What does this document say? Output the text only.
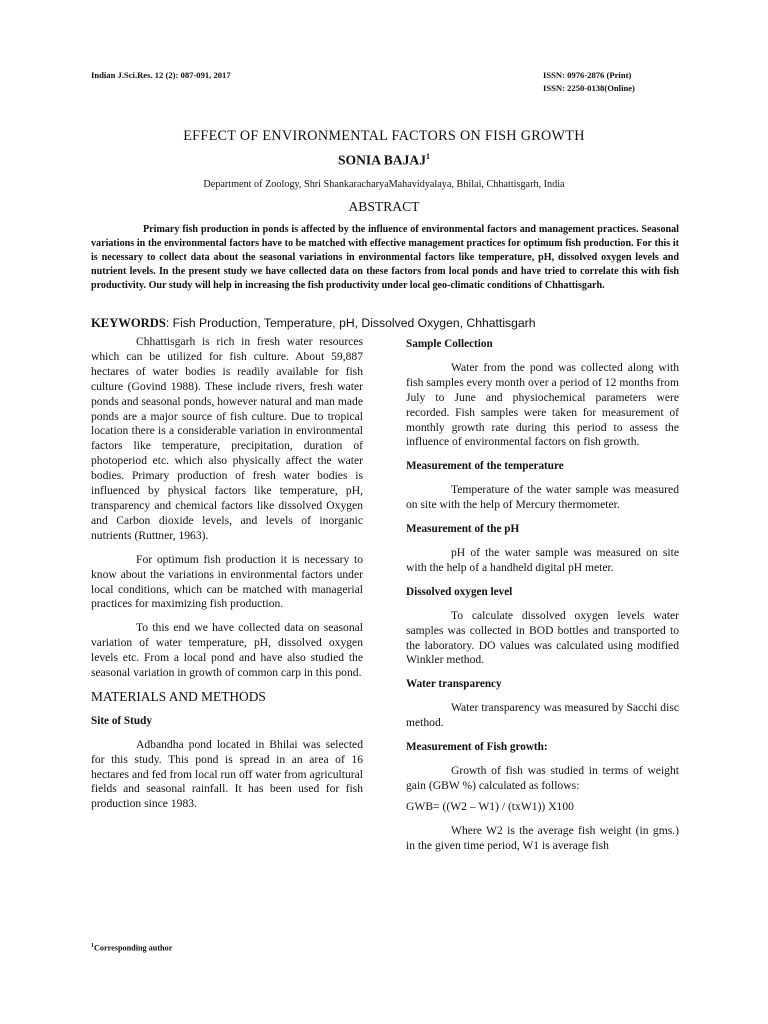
Indian J.Sci.Res. 12 (2): 087-091, 2017	ISSN: 0976-2876 (Print)
ISSN: 2250-0138(Online)
EFFECT OF ENVIRONMENTAL FACTORS ON FISH GROWTH
SONIA BAJAJ$^1$
Department of Zoology, Shri ShankaracharyaMahavidyalaya, Bhilai, Chhattisgarh, India
ABSTRACT

Primary fish production in ponds is affected by the influence of environmental factors and management practices. Seasonal variations in the environmental factors have to be matched with effective management practices for optimum fish production. For this it is necessary to collect data about the seasonal variations in environmental factors like temperature, pH, dissolved oxygen levels and nutrient levels. In the present study we have collected data on these factors from local ponds and have tried to correlate this with fish productivity. Our study will help in increasing the fish productivity under local geo-climatic conditions of Chhattisgarh.

KEYWORDS: Fish Production, Temperature, pH, Dissolved Oxygen, Chhattisgarh

Chhattisgarh is rich in fresh water resources which can be utilized for fish culture. About 59,887 hectares of water bodies is readily available for fish culture (Govind 1988). These include rivers, fresh water ponds and seasonal ponds, however natural and man made ponds are a major source of fish culture. Due to tropical location there is a considerable variation in environmental factors like temperature, precipitation, duration of photoperiod etc. which also physically affect the water bodies. Primary production of fresh water bodies is influenced by physical factors like temperature, pH, transparency and chemical factors like dissolved Oxygen and Carbon dioxide levels, and levels of inorganic nutrients (Ruttner, 1963).

For optimum fish production it is necessary to know about the variations in environmental factors under local conditions, which can be matched with managerial practices for maximizing fish production.

To this end we have collected data on seasonal variation of water temperature, pH, dissolved oxygen levels etc. From a local pond and have also studied the seasonal variation in growth of common carp in this pond.

MATERIALS AND METHODS

Site of Study

Adbandha pond located in Bhilai was selected for this study. This pond is spread in an area of 16 hectares and fed from local run off water from agricultural fields and seasonal rainfall. It has been used for fish production since 1983.

Sample Collection

Water from the pond was collected along with fish samples every month over a period of 12 months from July to June and physiochemical parameters were recorded. Fish samples were taken for measurement of monthly growth rate during this period to assess the influence of environmental factors on fish growth.

Measurement of the temperature

Temperature of the water sample was measured on site with the help of Mercury thermometer.

Measurement of the pH

pH of the water sample was measured on site with the help of a handheld digital pH meter.

Dissolved oxygen level

To calculate dissolved oxygen levels water samples was collected in BOD bottles and transported to the laboratory. DO values was calculated using modified Winkler method.

Water transparency

Water transparency was measured by Sacchi disc method.

Measurement of Fish growth:

Growth of fish was studied in terms of weight gain (GBW %) calculated as follows:

GWB= ((W2 – W1) / (txW1)) X100

Where W2 is the average fish weight (in gms.) in the given time period, W1 is average fish

$^1$Corresponding author
